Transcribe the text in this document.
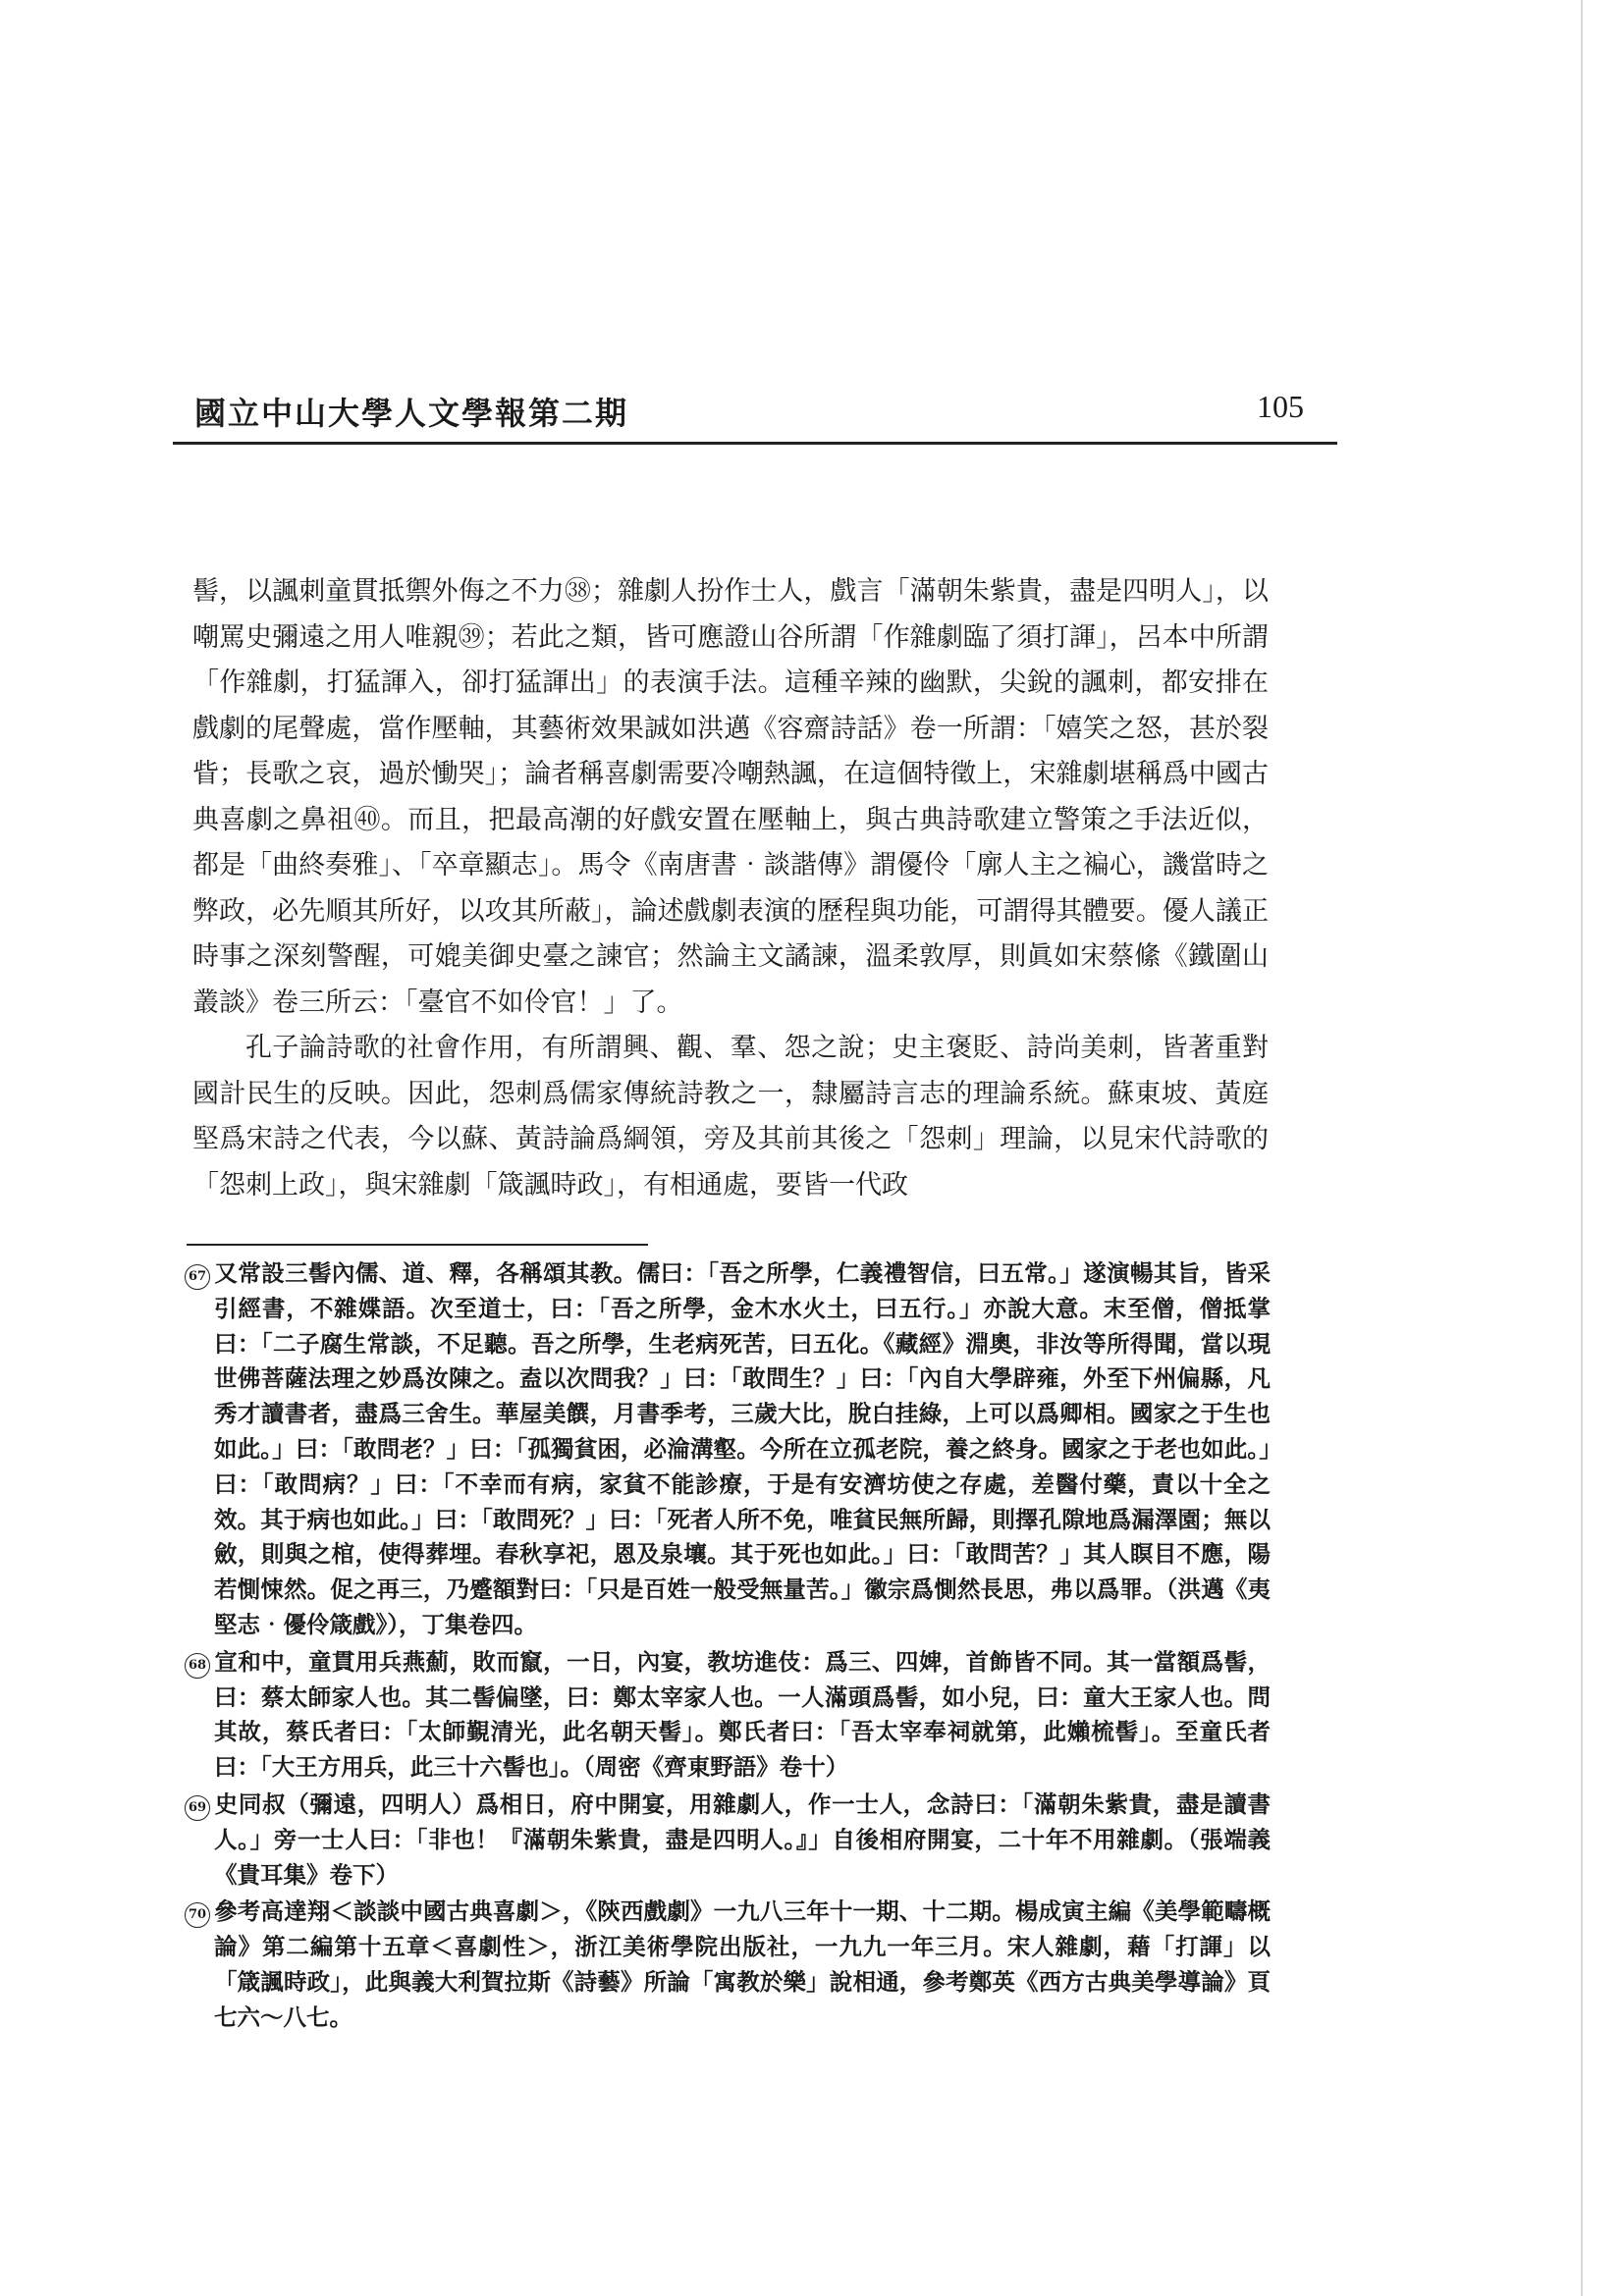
國立中山大學人文學報第二期	105

髻，以諷刺童貫抵禦外侮之不力㊳；雜劇人扮作士人，戲言「滿朝朱紫貴，盡是四明人」，以嘲罵史彌遠之用人唯親㊴；若此之類，皆可應證山谷所謂「作雜劇臨了須打諢」，呂本中所謂「作雜劇，打猛諢入，卻打猛諢出」的表演手法。這種辛辣的幽默，尖銳的諷刺，都安排在戲劇的尾聲處，當作壓軸，其藝術效果誠如洪邁《容齋詩話》卷一所謂：「嬉笑之怒，甚於裂眥；長歌之哀，過於慟哭」；論者稱喜劇需要冷嘲熱諷，在這個特徵上，宋雜劇堪稱爲中國古典喜劇之鼻祖㊵。而且，把最高潮的好戲安置在壓軸上，與古典詩歌建立警策之手法近似，都是「曲終奏雅」、「卒章顯志」。馬令《南唐書‧談諧傳》謂優伶「廓人主之褊心，譏當時之弊政，必先順其所好，以攻其所蔽」，論述戲劇表演的歷程與功能，可謂得其體要。優人議正時事之深刻警醒，可媲美御史臺之諫官；然論主文譎諫，溫柔敦厚，則眞如宋蔡絛《鐵圍山叢談》卷三所云：「臺官不如伶官！」了。

孔子論詩歌的社會作用，有所謂興、觀、羣、怨之說；史主褒貶、詩尚美刺，皆著重對國計民生的反映。因此，怨刺爲儒家傳統詩教之一，隸屬詩言志的理論系統。蘇東坡、黃庭堅爲宋詩之代表，今以蘇、黃詩論爲綱領，旁及其前其後之「怨刺」理論，以見宋代詩歌的「怨刺上政」，與宋雜劇「箴諷時政」，有相通處，要皆一代政

67 又常設三髻內儒、道、釋，各稱頌其教。儒曰：「吾之所學，仁義禮智信，曰五常。」遂演暢其旨，皆采引經書，不雜媟語。次至道士，曰：「吾之所學，金木水火土，曰五行。」亦說大意。末至僧，僧抵掌曰：「二子腐生常談，不足聽。吾之所學，生老病死苦，曰五化。《藏經》淵奧，非汝等所得聞，當以現世佛菩薩法理之妙爲汝陳之。盍以次問我？」曰：「敢問生？」曰：「內自大學辟雍，外至下州偏縣，凡秀才讀書者，盡爲三舍生。華屋美饌，月書季考，三歲大比，脫白挂綠，上可以爲卿相。國家之于生也如此。」曰：「敢問老？」曰：「孤獨貧困，必淪溝壑。今所在立孤老院，養之終身。國家之于老也如此。」曰：「敢問病？」曰：「不幸而有病，家貧不能診療，于是有安濟坊使之存處，差醫付藥，責以十全之效。其于病也如此。」曰：「敢問死？」曰：「死者人所不免，唯貧民無所歸，則擇孔隙地爲漏澤園；無以斂，則與之棺，使得葬埋。春秋享祀，恩及泉壤。其于死也如此。」曰：「敢問苦？」其人瞑目不應，陽若惻悚然。促之再三，乃蹙額對曰：「只是百姓一般受無量苦。」徽宗爲惻然長思，弗以爲罪。（洪邁《夷堅志‧優伶箴戲》），丁集卷四。

68 宣和中，童貫用兵燕薊，敗而竄，一日，內宴，教坊進伎：爲三、四婢，首飾皆不同。其一當額爲髻，曰：蔡太師家人也。其二髻偏墜，曰：鄭太宰家人也。一人滿頭爲髻，如小兒，曰：童大王家人也。問其故，蔡氏者曰：「太師覲清光，此名朝天髻」。鄭氏者曰：「吾太宰奉祠就第，此嬾梳髻」。至童氏者曰：「大王方用兵，此三十六髻也」。（周密《齊東野語》卷十）

69 史同叔（彌遠，四明人）爲相日，府中開宴，用雜劇人，作一士人，念詩曰：「滿朝朱紫貴，盡是讀書人。」旁一士人曰：「非也！『滿朝朱紫貴，盡是四明人。』」自後相府開宴，二十年不用雜劇。（張端義《貴耳集》卷下）

70 參考高達翔＜談談中國古典喜劇＞，《陝西戲劇》一九八三年十一期、十二期。楊成寅主編《美學範疇概論》第二編第十五章＜喜劇性＞，浙江美術學院出版社，一九九一年三月。宋人雜劇，藉「打諢」以「箴諷時政」，此與義大利賀拉斯《詩藝》所論「寓教於樂」說相通，參考鄭英《西方古典美學導論》頁七六～八七。
